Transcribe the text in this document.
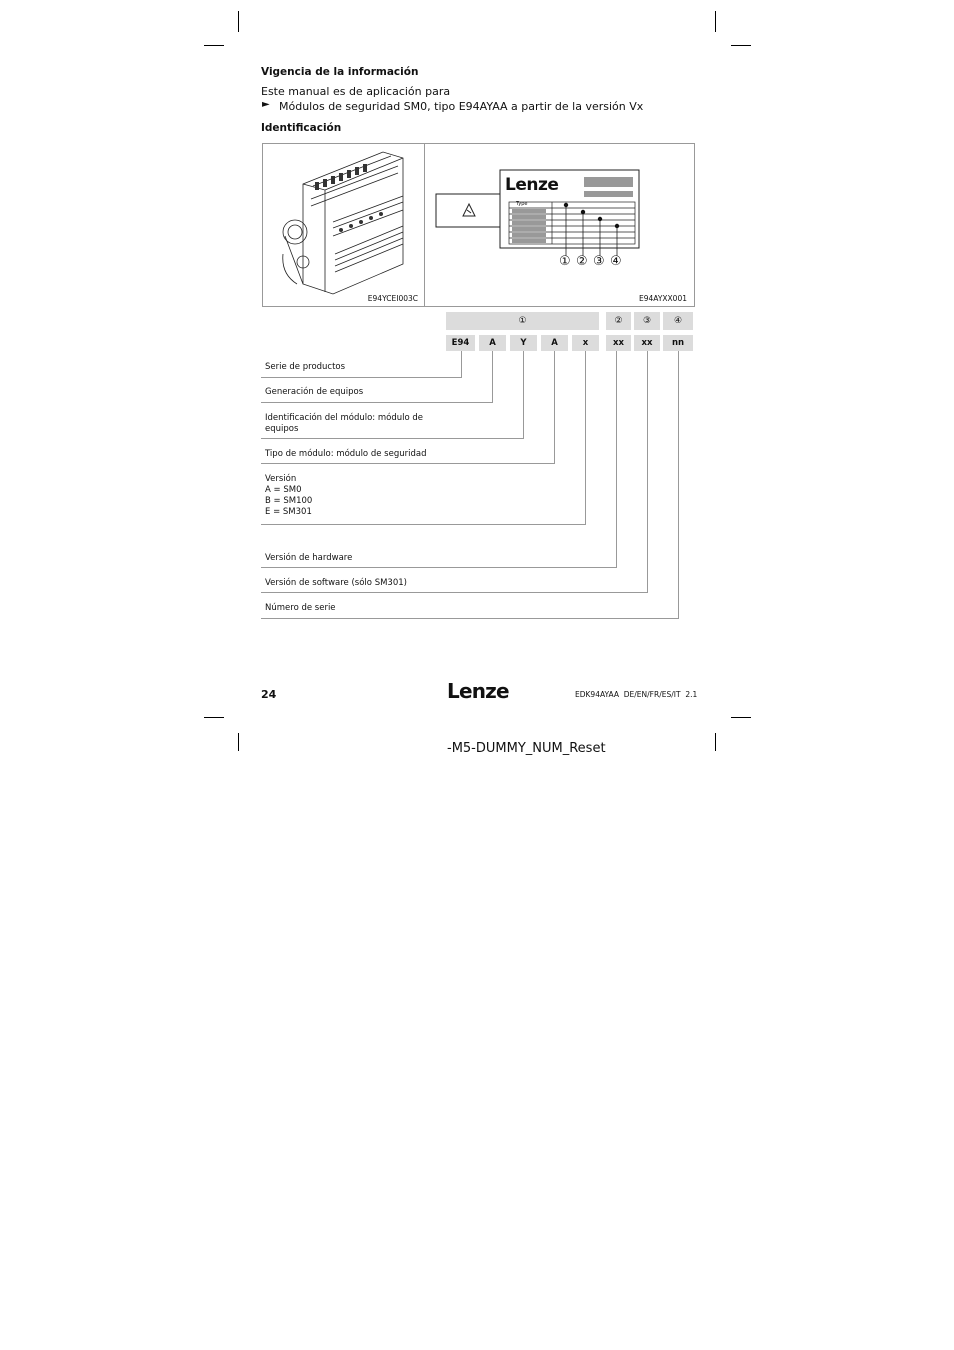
Vigencia de la información
Este manual es de aplicación para
► Módulos de seguridad SM0, tipo E94AYAA a partir de la versión Vx
Identificación
E94YCEI003C
Lenze
Type
① ② ③ ④
E94AYXX001
①	②	③	④
E94	A	Y	A	x	xx	xx	nn
Serie de productos
Generación de equipos
Identificación del módulo: módulo de equipos
Tipo de módulo: módulo de seguridad
Versión
A = SM0
B = SM100
E = SM301
Versión de hardware
Versión de software (sólo SM301)
Número de serie
24	Lenze	EDK94AYAA  DE/EN/FR/ES/IT  2.1
-M5-DUMMY_NUM_Reset
